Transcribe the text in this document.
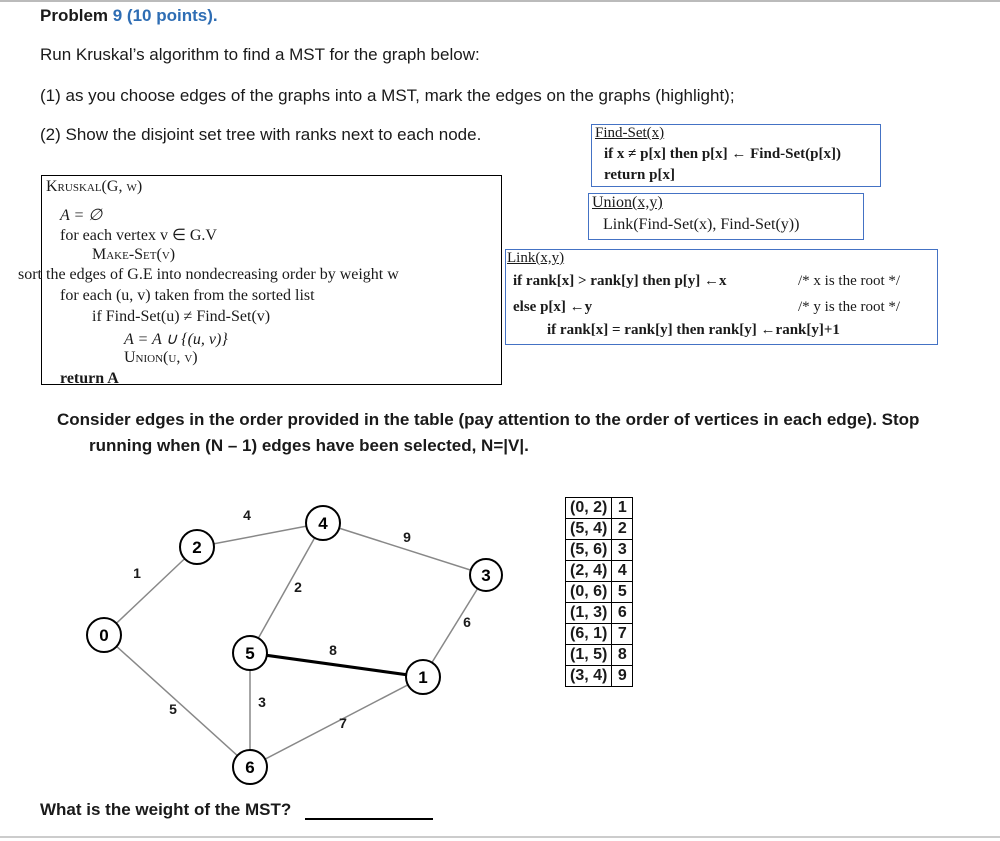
Problem 9 (10 points).
Run Kruskal’s algorithm to find a MST for the graph below:
(1) as you choose edges of the graphs into a MST, mark the edges on the graphs (highlight);
(2) Show the disjoint set tree with ranks next to each node.
Kruskal(G, w)
A = ∅
for each vertex v ∈ G.V
Make-Set(v)
sort the edges of G.E into nondecreasing order by weight w
for each (u, v) taken from the sorted list
if Find-Set(u) ≠ Find-Set(v)
A = A ∪ {(u, v)}
Union(u, v)
return A
Find-Set(x)
if x ≠ p[x] then p[x] ← Find-Set(p[x])
return p[x]
Union(x,y)
Link(Find-Set(x), Find-Set(y))
Link(x,y)
if rank[x] > rank[y] then p[y] ←x	/* x is the root */
else p[x] ←y	/* y is the root */
if rank[x] = rank[y] then rank[y] ←rank[y]+1
Consider edges in the order provided in the table (pay attention to the order of vertices in each edge). Stop
running when (N – 1) edges have been selected, N=|V|.
1
4
9
2
5	3
8
7
6
0
1
2
3
4
5
6
(0, 2)	1
(5, 4)	2
(5, 6)	3
(2, 4)	4
(0, 6)	5
(1, 3)	6
(6, 1)	7
(1, 5)	8
(3, 4)	9
What is the weight of the MST?
